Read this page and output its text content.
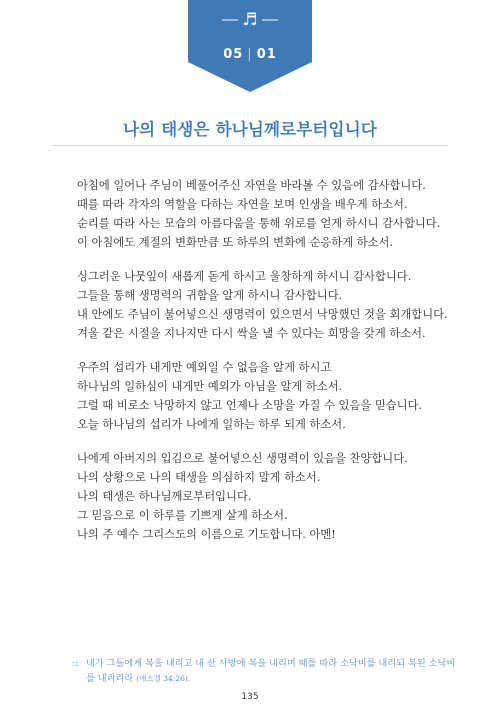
♬
05 | 01
나의 태생은 하나님께로부터입니다
아침에 일어나 주님이 베풀어주신 자연을 바라볼 수 있음에 감사합니다.
때를 따라 각자의 역할을 다하는 자연을 보며 인생을 배우게 하소서.
순리를 따라 사는 모습의 아름다움을 통해 위로를 얻게 하시니 감사합니다.
이 아침에도 계절의 변화만큼 또 하루의 변화에 순응하게 하소서.
싱그러운 나뭇잎이 새롭게 돋게 하시고 울창하게 하시니 감사합니다.
그들을 통해 생명력의 귀함을 알게 하시니 감사합니다.
내 안에도 주님이 불어넣으신 생명력이 있으면서 낙망했던 것을 회개합니다.
겨울 같은 시절을 지나지만 다시 싹을 낼 수 있다는 희망을 갖게 하소서.
우주의 섭리가 내게만 예외일 수 없음을 알게 하시고
하나님의 일하심이 내게만 예외가 아님을 알게 하소서.
그럴 때 비로소 낙망하지 않고 언제나 소망을 가질 수 있음을 믿습니다.
오늘 하나님의 섭리가 나에게 일하는 하루 되게 하소서.
나에게 아버지의 입김으로 불어넣으신 생명력이 있음을 찬양합니다.
나의 상황으로 나의 태생을 의심하지 말게 하소서.
나의 태생은 하나님께로부터입니다.
그 믿음으로 이 하루를 기쁘게 살게 하소서.
나의 주 예수 그리스도의 이름으로 기도합니다. 아멘!
:: 내가 그들에게 복을 내리고 내 산 사방에 복을 내리며 때를 따라 소낙비를 내리되 복된 소낙비를 내리리라 (에스겔 34:26).
135
